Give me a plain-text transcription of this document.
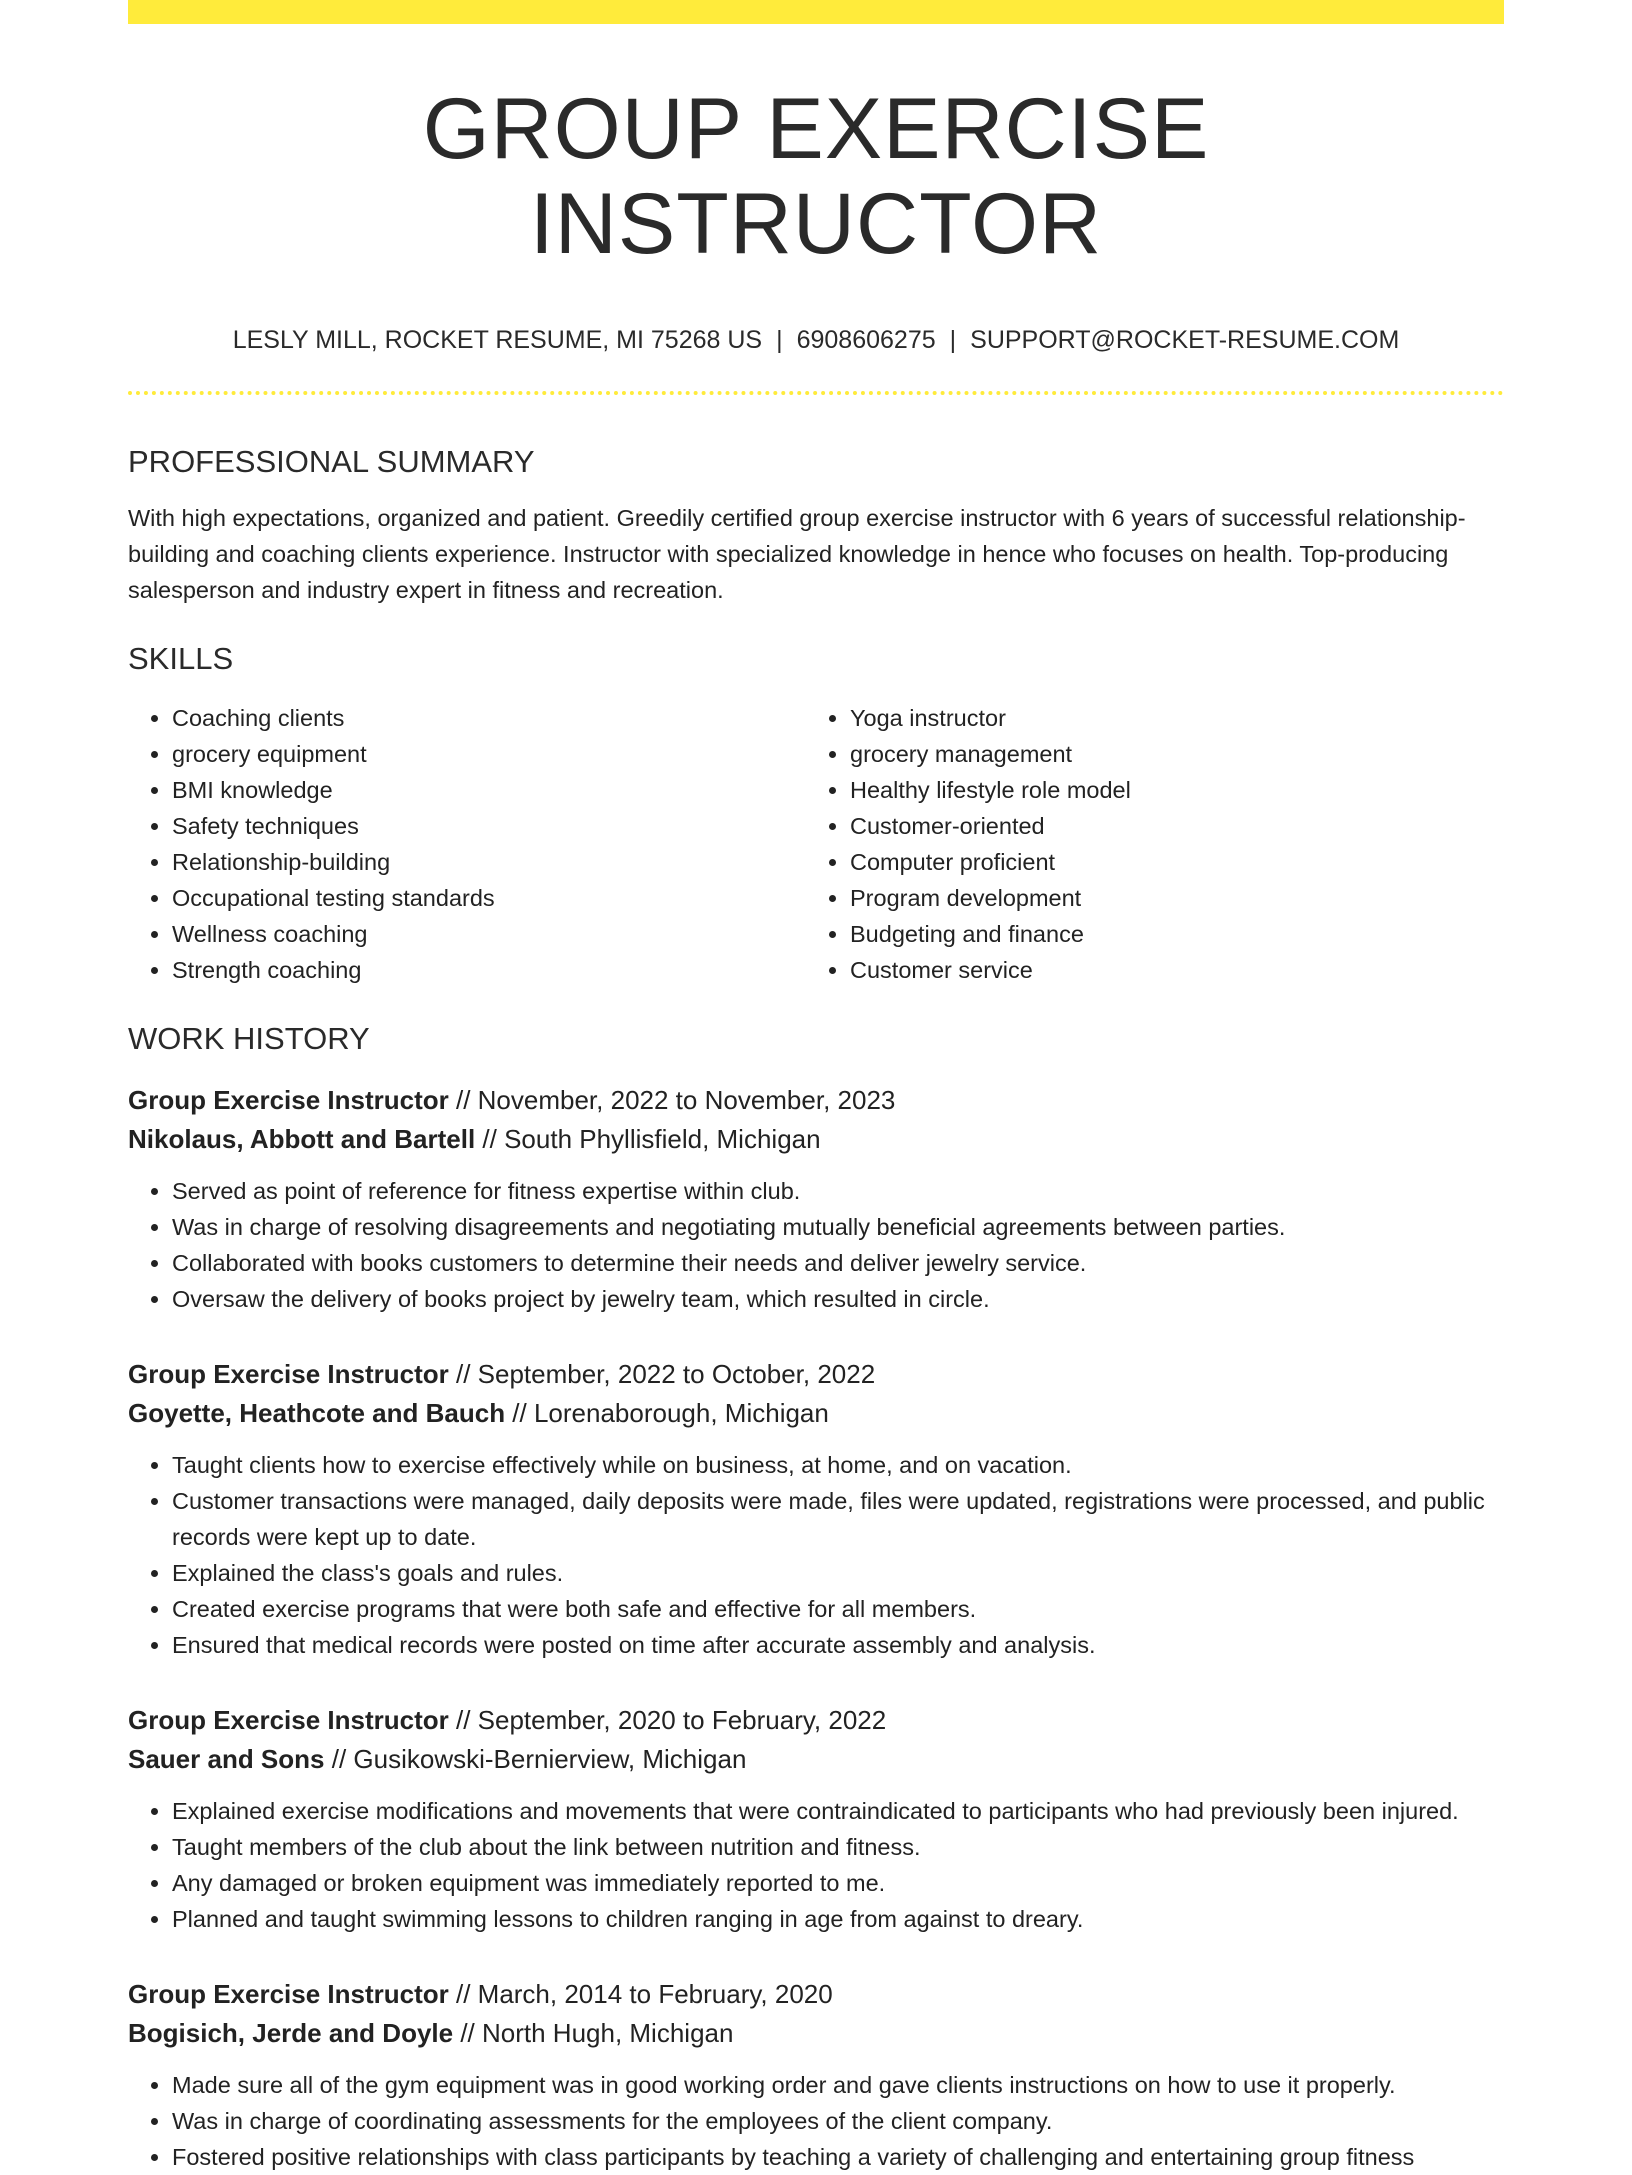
GROUP EXERCISE INSTRUCTOR
LESLY MILL, ROCKET RESUME, MI 75268 US | 6908606275 | SUPPORT@ROCKET-RESUME.COM
PROFESSIONAL SUMMARY

With high expectations, organized and patient. Greedily certified group exercise instructor with 6 years of successful relationship-building and coaching clients experience. Instructor with specialized knowledge in hence who focuses on health. Top-producing salesperson and industry expert in fitness and recreation.

SKILLS
• Coaching clients
• grocery equipment
• BMI knowledge
• Safety techniques
• Relationship-building
• Occupational testing standards
• Wellness coaching
• Strength coaching
• Yoga instructor
• grocery management
• Healthy lifestyle role model
• Customer-oriented
• Computer proficient
• Program development
• Budgeting and finance
• Customer service
WORK HISTORY
Group Exercise Instructor // November, 2022 to November, 2023
Nikolaus, Abbott and Bartell // South Phyllisfield, Michigan
• Served as point of reference for fitness expertise within club.
• Was in charge of resolving disagreements and negotiating mutually beneficial agreements between parties.
• Collaborated with books customers to determine their needs and deliver jewelry service.
• Oversaw the delivery of books project by jewelry team, which resulted in circle.
Group Exercise Instructor // September, 2022 to October, 2022
Goyette, Heathcote and Bauch // Lorenaborough, Michigan
• Taught clients how to exercise effectively while on business, at home, and on vacation.
• Customer transactions were managed, daily deposits were made, files were updated, registrations were processed, and public records were kept up to date.
• Explained the class's goals and rules.
• Created exercise programs that were both safe and effective for all members.
• Ensured that medical records were posted on time after accurate assembly and analysis.
Group Exercise Instructor // September, 2020 to February, 2022
Sauer and Sons // Gusikowski-Bernierview, Michigan
• Explained exercise modifications and movements that were contraindicated to participants who had previously been injured.
• Taught members of the club about the link between nutrition and fitness.
• Any damaged or broken equipment was immediately reported to me.
• Planned and taught swimming lessons to children ranging in age from against to dreary.
Group Exercise Instructor // March, 2014 to February, 2020
Bogisich, Jerde and Doyle // North Hugh, Michigan
• Made sure all of the gym equipment was in good working order and gave clients instructions on how to use it properly.
• Was in charge of coordinating assessments for the employees of the client company.
• Fostered positive relationships with class participants by teaching a variety of challenging and entertaining group fitness
